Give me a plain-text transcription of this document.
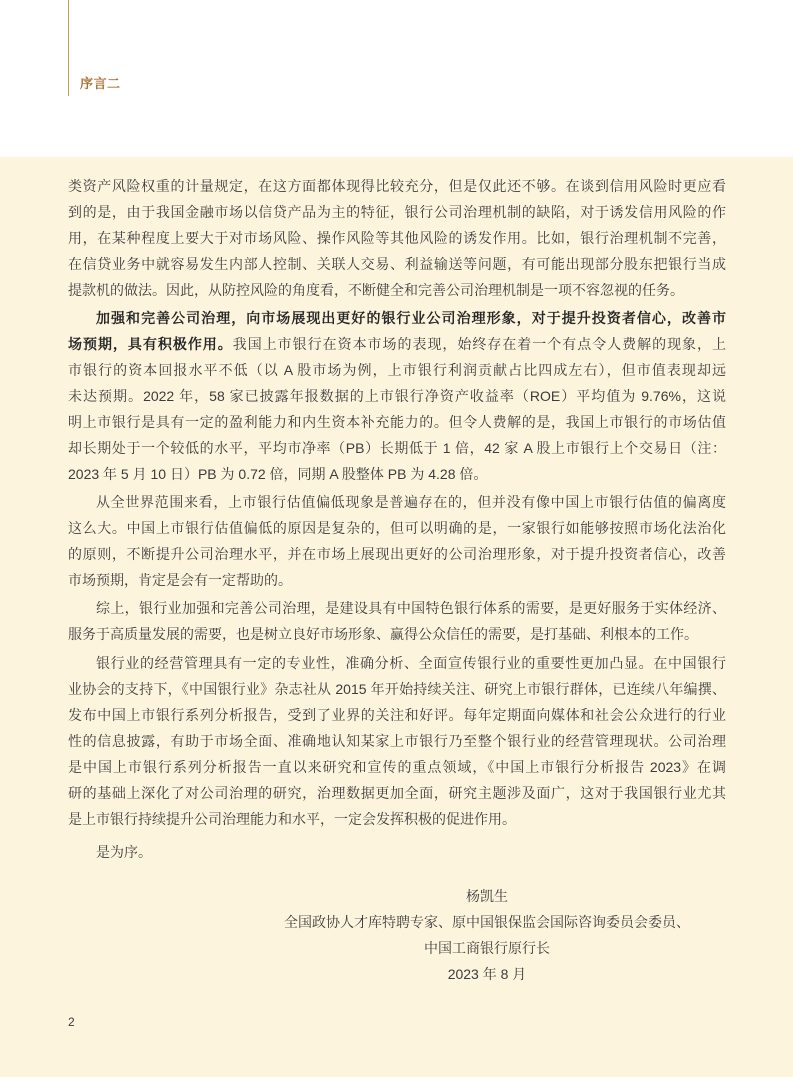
序言二
类资产风险权重的计量规定，在这方面都体现得比较充分，但是仅此还不够。在谈到信用风险时更应看
到的是，由于我国金融市场以信贷产品为主的特征，银行公司治理机制的缺陷，对于诱发信用风险的作
用，在某种程度上要大于对市场风险、操作风险等其他风险的诱发作用。比如，银行治理机制不完善，
在信贷业务中就容易发生内部人控制、关联人交易、利益输送等问题，有可能出现部分股东把银行当成
提款机的做法。因此，从防控风险的角度看，不断健全和完善公司治理机制是一项不容忽视的任务。
加强和完善公司治理，向市场展现出更好的银行业公司治理形象，对于提升投资者信心，改善市
场预期，具有积极作用。我国上市银行在资本市场的表现，始终存在着一个有点令人费解的现象，上
市银行的资本回报水平不低（以 A 股市场为例，上市银行利润贡献占比四成左右），但市值表现却远
未达预期。2022 年，58 家已披露年报数据的上市银行净资产收益率（ROE）平均值为 9.76%，这说
明上市银行是具有一定的盈利能力和内生资本补充能力的。但令人费解的是，我国上市银行的市场估值
却长期处于一个较低的水平，平均市净率（PB）长期低于 1 倍，42 家 A 股上市银行上个交易日（注：
2023 年 5 月 10 日）PB 为 0.72 倍，同期 A 股整体 PB 为 4.28 倍。
从全世界范围来看，上市银行估值偏低现象是普遍存在的，但并没有像中国上市银行估值的偏离度
这么大。中国上市银行估值偏低的原因是复杂的，但可以明确的是，一家银行如能够按照市场化法治化
的原则，不断提升公司治理水平，并在市场上展现出更好的公司治理形象，对于提升投资者信心，改善
市场预期，肯定是会有一定帮助的。
综上，银行业加强和完善公司治理，是建设具有中国特色银行体系的需要，是更好服务于实体经济、
服务于高质量发展的需要，也是树立良好市场形象、赢得公众信任的需要，是打基础、利根本的工作。
银行业的经营管理具有一定的专业性，准确分析、全面宣传银行业的重要性更加凸显。在中国银行
业协会的支持下，《中国银行业》杂志社从 2015 年开始持续关注、研究上市银行群体，已连续八年编撰、
发布中国上市银行系列分析报告，受到了业界的关注和好评。每年定期面向媒体和社会公众进行的行业
性的信息披露，有助于市场全面、准确地认知某家上市银行乃至整个银行业的经营管理现状。公司治理
是中国上市银行系列分析报告一直以来研究和宣传的重点领域，《中国上市银行分析报告 2023》在调
研的基础上深化了对公司治理的研究，治理数据更加全面，研究主题涉及面广，这对于我国银行业尤其
是上市银行持续提升公司治理能力和水平，一定会发挥积极的促进作用。
是为序。
杨凯生
全国政协人才库特聘专家、原中国银保监会国际咨询委员会委员、
中国工商银行原行长
2023 年 8 月
2
